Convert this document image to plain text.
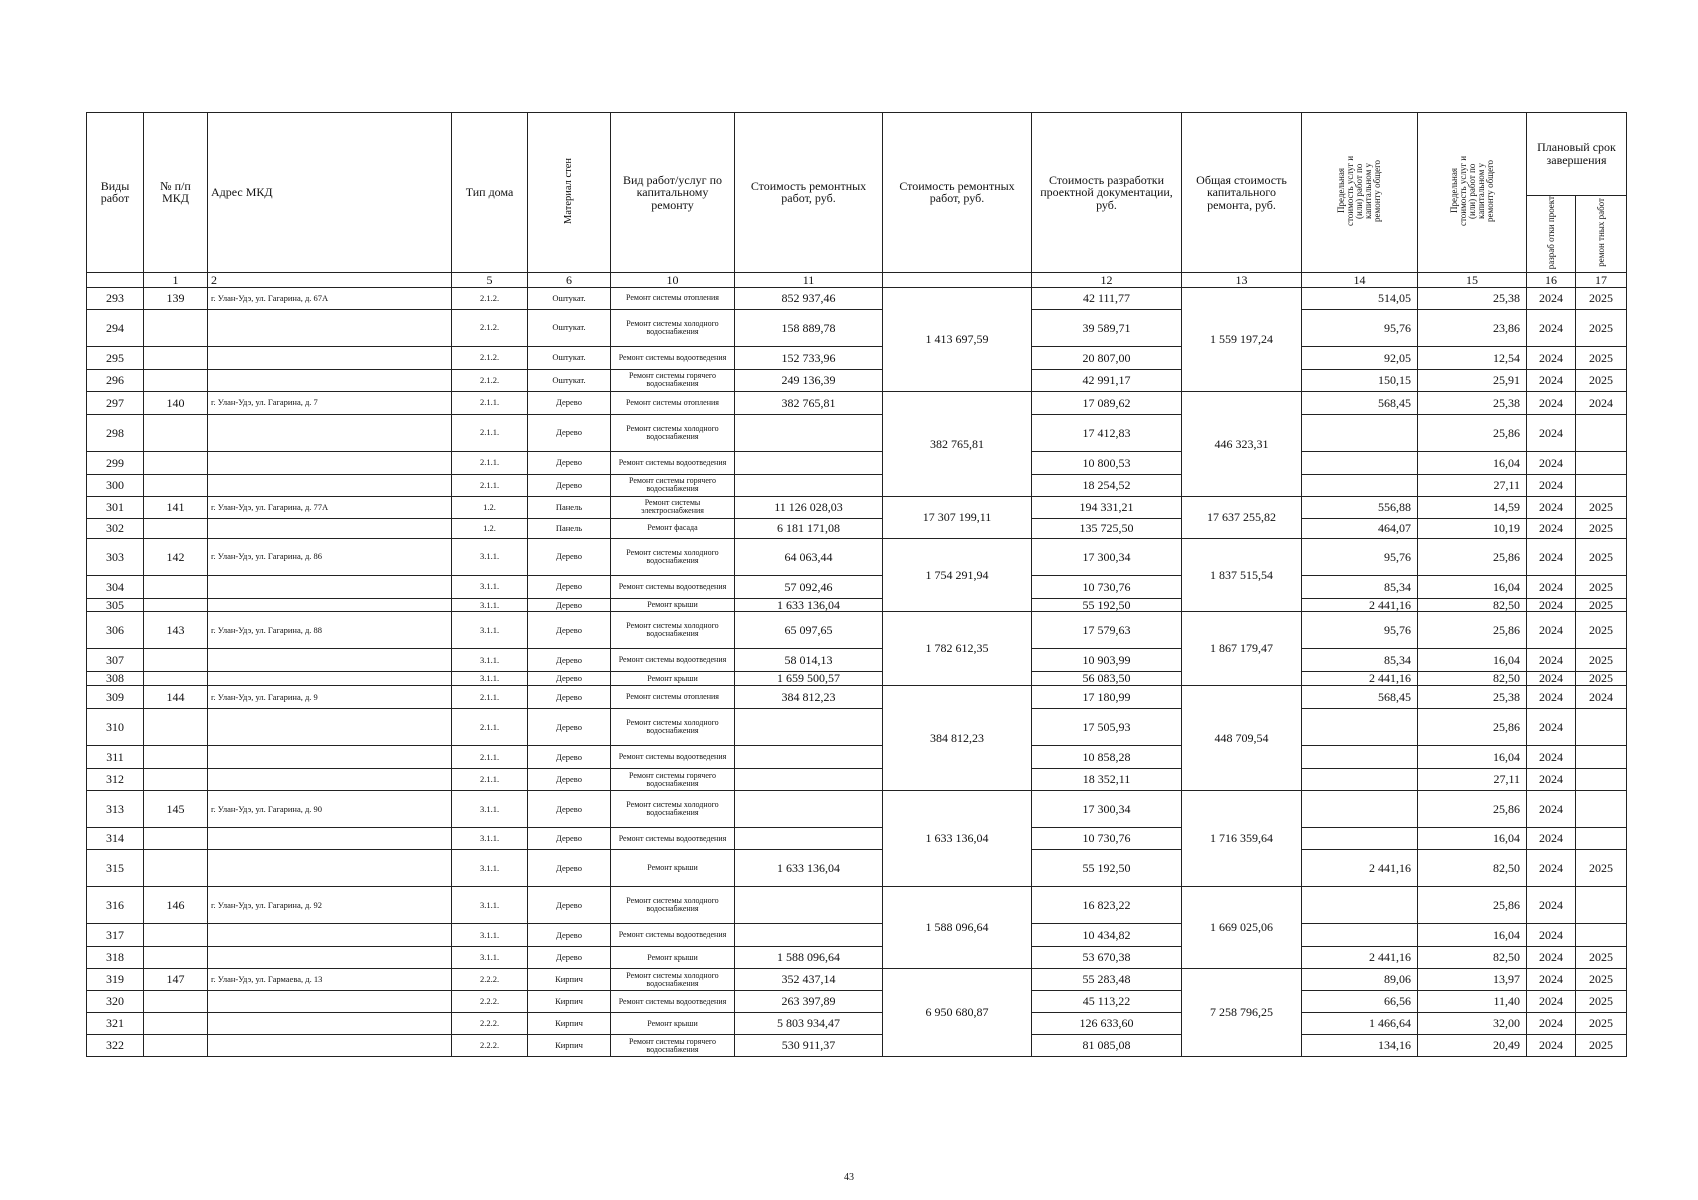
Виды работ	№ п/п МКД	Адрес МКД	Тип дома	Материал стен	Вид работ/услуг по капитальному ремонту	Стоимость ремонтных работ, руб.	Стоимость ремонтных работ, руб.	Стоимость разработки проектной документации, руб.	Общая стоимость капитального ремонта, руб.	Предельная стоимость услуг и (или) работ по капитальном у ремонту общего	Предельная стоимость услуг и (или) работ по капитальном у ремонту общего	Плановый срок завершения	
												разраб отки проект	ремон тных работ
	1	2	5	6	10	11		12	13	14	15	16	17
293	139	г. Улан-Удэ, ул. Гагарина, д. 67А	2.1.2.	Оштукат.	Ремонт системы отопления	852 937,46	1 413 697,59	42 111,77	1 559 197,24	514,05	25,38	2024	2025
294			2.1.2.	Оштукат.	Ремонт системы холодного водоснабжения	158 889,78		39 589,71		95,76	23,86	2024	2025
295			2.1.2.	Оштукат.	Ремонт системы водоотведения	152 733,96		20 807,00		92,05	12,54	2024	2025
296			2.1.2.	Оштукат.	Ремонт системы горячего водоснабжения	249 136,39		42 991,17		150,15	25,91	2024	2025
297	140	г. Улан-Удэ, ул. Гагарина, д. 7	2.1.1.	Дерево	Ремонт системы отопления	382 765,81	382 765,81	17 089,62	446 323,31	568,45	25,38	2024	2024
298			2.1.1.	Дерево	Ремонт системы холодного водоснабжения			17 412,83			25,86	2024	
299			2.1.1.	Дерево	Ремонт системы водоотведения			10 800,53			16,04	2024	
300			2.1.1.	Дерево	Ремонт системы горячего водоснабжения			18 254,52			27,11	2024	
301	141	г. Улан-Удэ, ул. Гагарина, д. 77А	1.2.	Панель	Ремонт системы электроснабжения	11 126 028,03	17 307 199,11	194 331,21	17 637 255,82	556,88	14,59	2024	2025
302			1.2.	Панель	Ремонт фасада	6 181 171,08		135 725,50		464,07	10,19	2024	2025
303	142	г. Улан-Удэ, ул. Гагарина, д. 86	3.1.1.	Дерево	Ремонт системы холодного водоснабжения	64 063,44	1 754 291,94	17 300,34	1 837 515,54	95,76	25,86	2024	2025
304			3.1.1.	Дерево	Ремонт системы водоотведения	57 092,46		10 730,76		85,34	16,04	2024	2025
305			3.1.1.	Дерево	Ремонт крыши	1 633 136,04		55 192,50		2 441,16	82,50	2024	2025
306	143	г. Улан-Удэ, ул. Гагарина, д. 88	3.1.1.	Дерево	Ремонт системы холодного водоснабжения	65 097,65	1 782 612,35	17 579,63	1 867 179,47	95,76	25,86	2024	2025
307			3.1.1.	Дерево	Ремонт системы водоотведения	58 014,13		10 903,99		85,34	16,04	2024	2025
308			3.1.1.	Дерево	Ремонт крыши	1 659 500,57		56 083,50		2 441,16	82,50	2024	2025
309	144	г. Улан-Удэ, ул. Гагарина, д. 9	2.1.1.	Дерево	Ремонт системы отопления	384 812,23	384 812,23	17 180,99	448 709,54	568,45	25,38	2024	2024
310			2.1.1.	Дерево	Ремонт системы холодного водоснабжения			17 505,93			25,86	2024	
311			2.1.1.	Дерево	Ремонт системы водоотведения			10 858,28			16,04	2024	
312			2.1.1.	Дерево	Ремонт системы горячего водоснабжения			18 352,11			27,11	2024	
313	145	г. Улан-Удэ, ул. Гагарина, д. 90	3.1.1.	Дерево	Ремонт системы холодного водоснабжения		1 633 136,04	17 300,34	1 716 359,64		25,86	2024	
314			3.1.1.	Дерево	Ремонт системы водоотведения			10 730,76			16,04	2024	
315			3.1.1.	Дерево	Ремонт крыши	1 633 136,04		55 192,50		2 441,16	82,50	2024	2025
316	146	г. Улан-Удэ, ул. Гагарина, д. 92	3.1.1.	Дерево	Ремонт системы холодного водоснабжения		1 588 096,64	16 823,22	1 669 025,06		25,86	2024	
317			3.1.1.	Дерево	Ремонт системы водоотведения			10 434,82			16,04	2024	
318			3.1.1.	Дерево	Ремонт крыши	1 588 096,64		53 670,38		2 441,16	82,50	2024	2025
319	147	г. Улан-Удэ, ул. Гармаева, д. 13	2.2.2.	Кирпич	Ремонт системы холодного водоснабжения	352 437,14	6 950 680,87	55 283,48	7 258 796,25	89,06	13,97	2024	2025
320			2.2.2.	Кирпич	Ремонт системы водоотведения	263 397,89		45 113,22		66,56	11,40	2024	2025
321			2.2.2.	Кирпич	Ремонт крыши	5 803 934,47		126 633,60		1 466,64	32,00	2024	2025
322			2.2.2.	Кирпич	Ремонт системы горячего водоснабжения	530 911,37		81 085,08		134,16	20,49	2024	2025
43
